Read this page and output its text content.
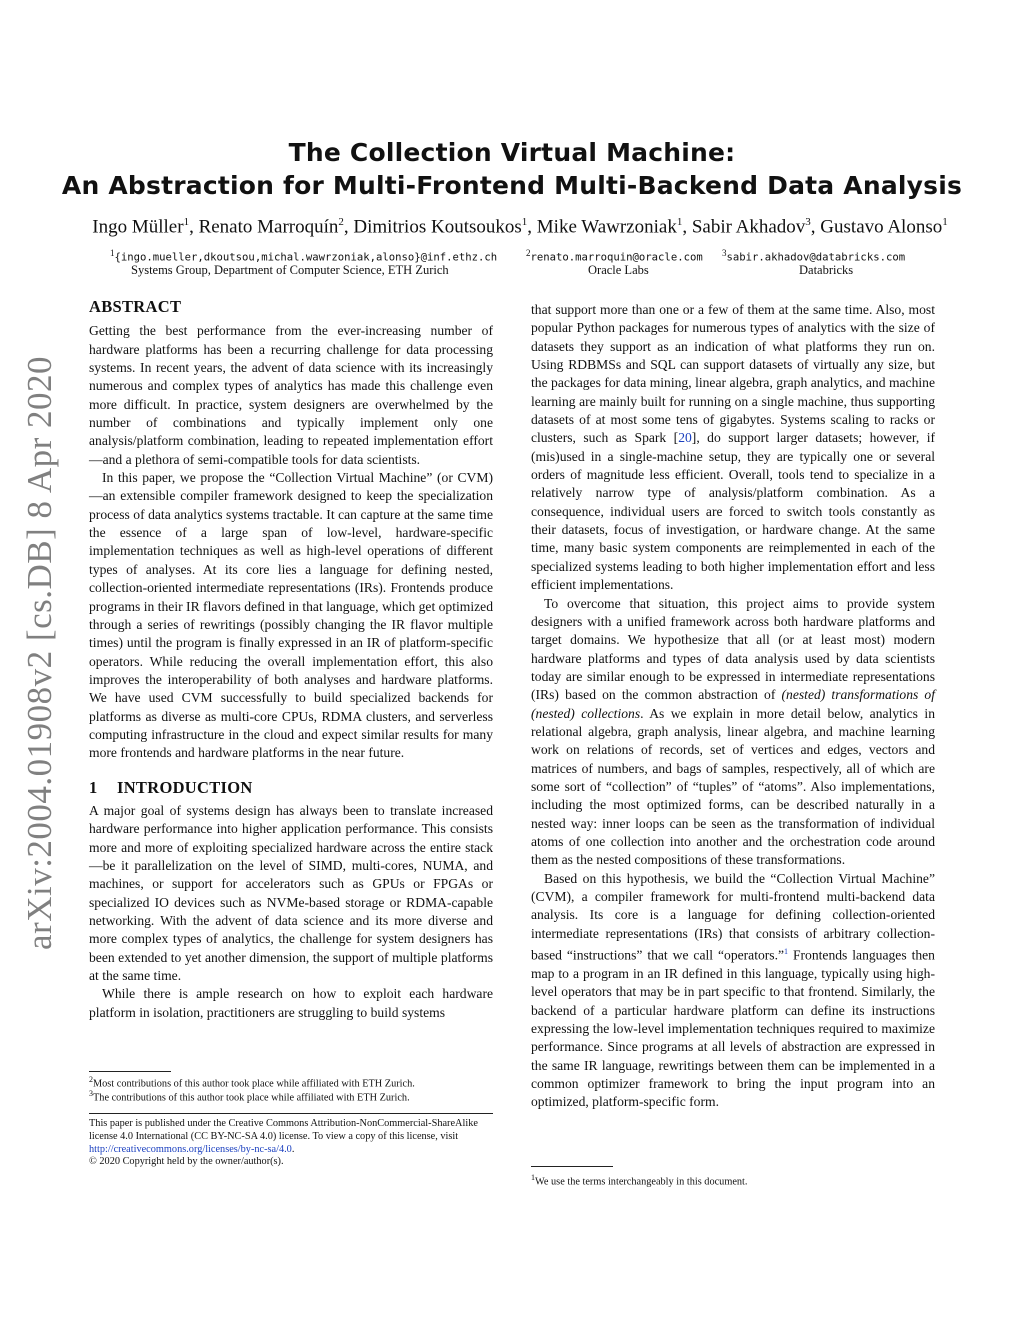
The Collection Virtual Machine:
An Abstraction for Multi-Frontend Multi-Backend Data Analysis
Ingo Müller$^1$, Renato Marroquín$^2$, Dimitrios Koutsoukos$^1$, Mike Wawrzoniak$^1$, Sabir Akhadov$^3$, Gustavo Alonso$^1$
$^1${ingo.mueller,dkoutsou,michal.wawrzoniak,alonso}@inf.ethz.ch	$^2$renato.marroquin@oracle.com $^3$sabir.akhadov@databricks.com
Systems Group, Department of Computer Science, ETH Zurich	Oracle Labs	Databricks
arXiv:2004.01908v2 [cs.DB] 8 Apr 2020
ABSTRACT

Getting the best performance from the ever-increasing number of hardware platforms has been a recurring challenge for data processing systems. In recent years, the advent of data science with its increasingly numerous and complex types of analytics has made this challenge even more difficult. In practice, system designers are overwhelmed by the number of combinations and typically implement only one analysis/platform combination, leading to repeated implementation effort—and a plethora of semi-compatible tools for data scientists.

In this paper, we propose the “Collection Virtual Machine” (or CVM)—an extensible compiler framework designed to keep the specialization process of data analytics systems tractable. It can capture at the same time the essence of a large span of low-level, hardware-specific implementation techniques as well as high-level operations of different types of analyses. At its core lies a language for defining nested, collection-oriented intermediate representations (IRs). Frontends produce programs in their IR flavors defined in that language, which get optimized through a series of rewritings (possibly changing the IR flavor multiple times) until the program is finally expressed in an IR of platform-specific operators. While reducing the overall implementation effort, this also improves the interoperability of both analyses and hardware platforms. We have used CVM successfully to build specialized backends for platforms as diverse as multi-core CPUs, RDMA clusters, and serverless computing infrastructure in the cloud and expect similar results for many more frontends and hardware platforms in the near future.

1 INTRODUCTION

A major goal of systems design has always been to translate increased hardware performance into higher application performance. This consists more and more of exploiting specialized hardware across the entire stack—be it parallelization on the level of SIMD, multi-cores, NUMA, and machines, or support for accelerators such as GPUs or FPGAs or specialized IO devices such as NVMe-based storage or RDMA-capable networking. With the advent of data science and its more diverse and more complex types of analytics, the challenge for system designers has been extended to yet another dimension, the support of multiple platforms at the same time.

While there is ample research on how to exploit each hardware platform in isolation, practitioners are struggling to build systems

$^2$Most contributions of this author took place while affiliated with ETH Zurich.
$^3$The contributions of this author took place while affiliated with ETH Zurich.
This paper is published under the Creative Commons Attribution-NonCommercial-ShareAlike license 4.0 International (CC BY-NC-SA 4.0) license. To view a copy of this license, visit http://creativecommons.org/licenses/by-nc-sa/4.0.
© 2020 Copyright held by the owner/author(s).

that support more than one or a few of them at the same time. Also, most popular Python packages for numerous types of analytics with the size of datasets they support as an indication of what platforms they run on. Using RDBMSs and SQL can support datasets of virtually any size, but the packages for data mining, linear algebra, graph analytics, and machine learning are mainly built for running on a single machine, thus supporting datasets of at most some tens of gigabytes. Systems scaling to racks or clusters, such as Spark [20], do support larger datasets; however, if (mis)used in a single-machine setup, they are typically one or several orders of magnitude less efficient. Overall, tools tend to specialize in a relatively narrow type of analysis/platform combination. As a consequence, individual users are forced to switch tools constantly as their datasets, focus of investigation, or hardware change. At the same time, many basic system components are reimplemented in each of the specialized systems leading to both higher implementation effort and less efficient implementations.

To overcome that situation, this project aims to provide system designers with a unified framework across both hardware platforms and target domains. We hypothesize that all (or at least most) modern hardware platforms and types of data analysis used by data scientists today are similar enough to be expressed in intermediate representations (IRs) based on the common abstraction of (nested) transformations of (nested) collections. As we explain in more detail below, analytics in relational algebra, graph analysis, linear algebra, and machine learning work on relations of records, set of vertices and edges, vectors and matrices of numbers, and bags of samples, respectively, all of which are some sort of “collection” of “tuples” of “atoms”. Also implementations, including the most optimized forms, can be described naturally in a nested way: inner loops can be seen as the transformation of individual atoms of one collection into another and the orchestration code around them as the nested compositions of these transformations.

Based on this hypothesis, we build the “Collection Virtual Machine” (CVM), a compiler framework for multi-frontend multi-backend data analysis. Its core is a language for defining collection-oriented intermediate representations (IRs) that consists of arbitrary collection-based “instructions” that we call “operators.”$^1$ Frontends languages then map to a program in an IR defined in this language, typically using high-level operators that may be in part specific to that frontend. Similarly, the backend of a particular hardware platform can define its instructions expressing the low-level implementation techniques required to maximize performance. Since programs at all levels of abstraction are expressed in the same IR language, rewritings between them can be implemented in a common optimizer framework to bring the input program into an optimized, platform-specific form.

$^1$We use the terms interchangeably in this document.
